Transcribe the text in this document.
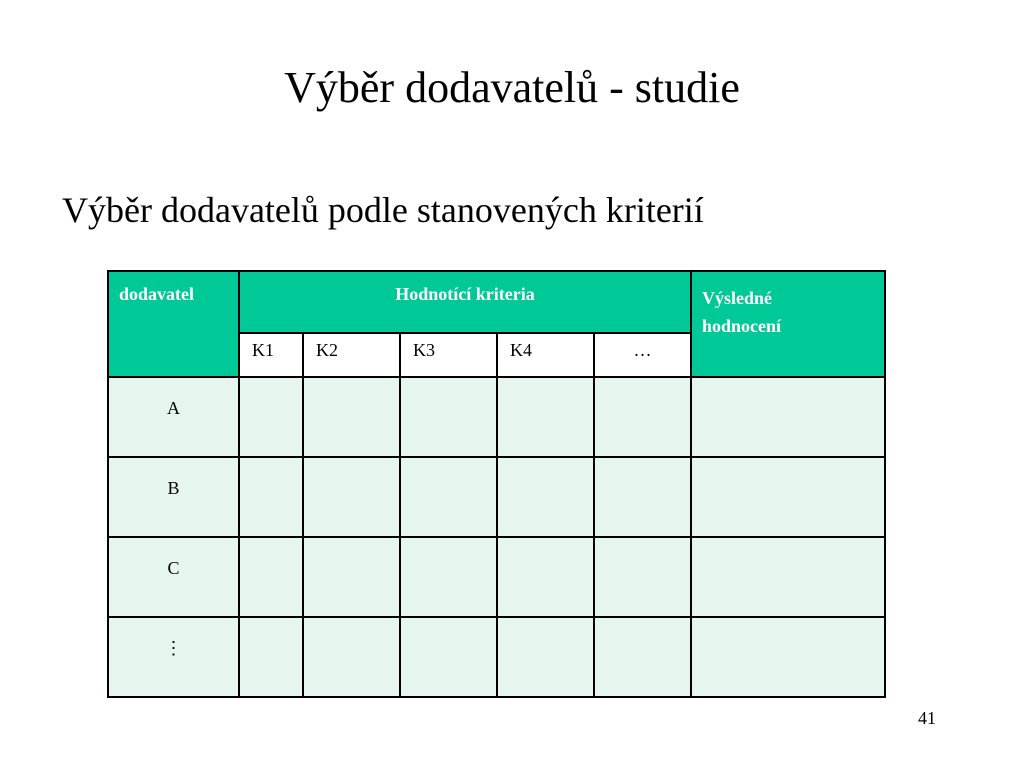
Výběr dodavatelů - studie
Výběr dodavatelů podle stanovených kriterií
dodavatel	Hodnotící kriteria					Výsledné
hodnocení
	K1	K2	K3	K4	…	
A						
B						
C						
⋮						
41
